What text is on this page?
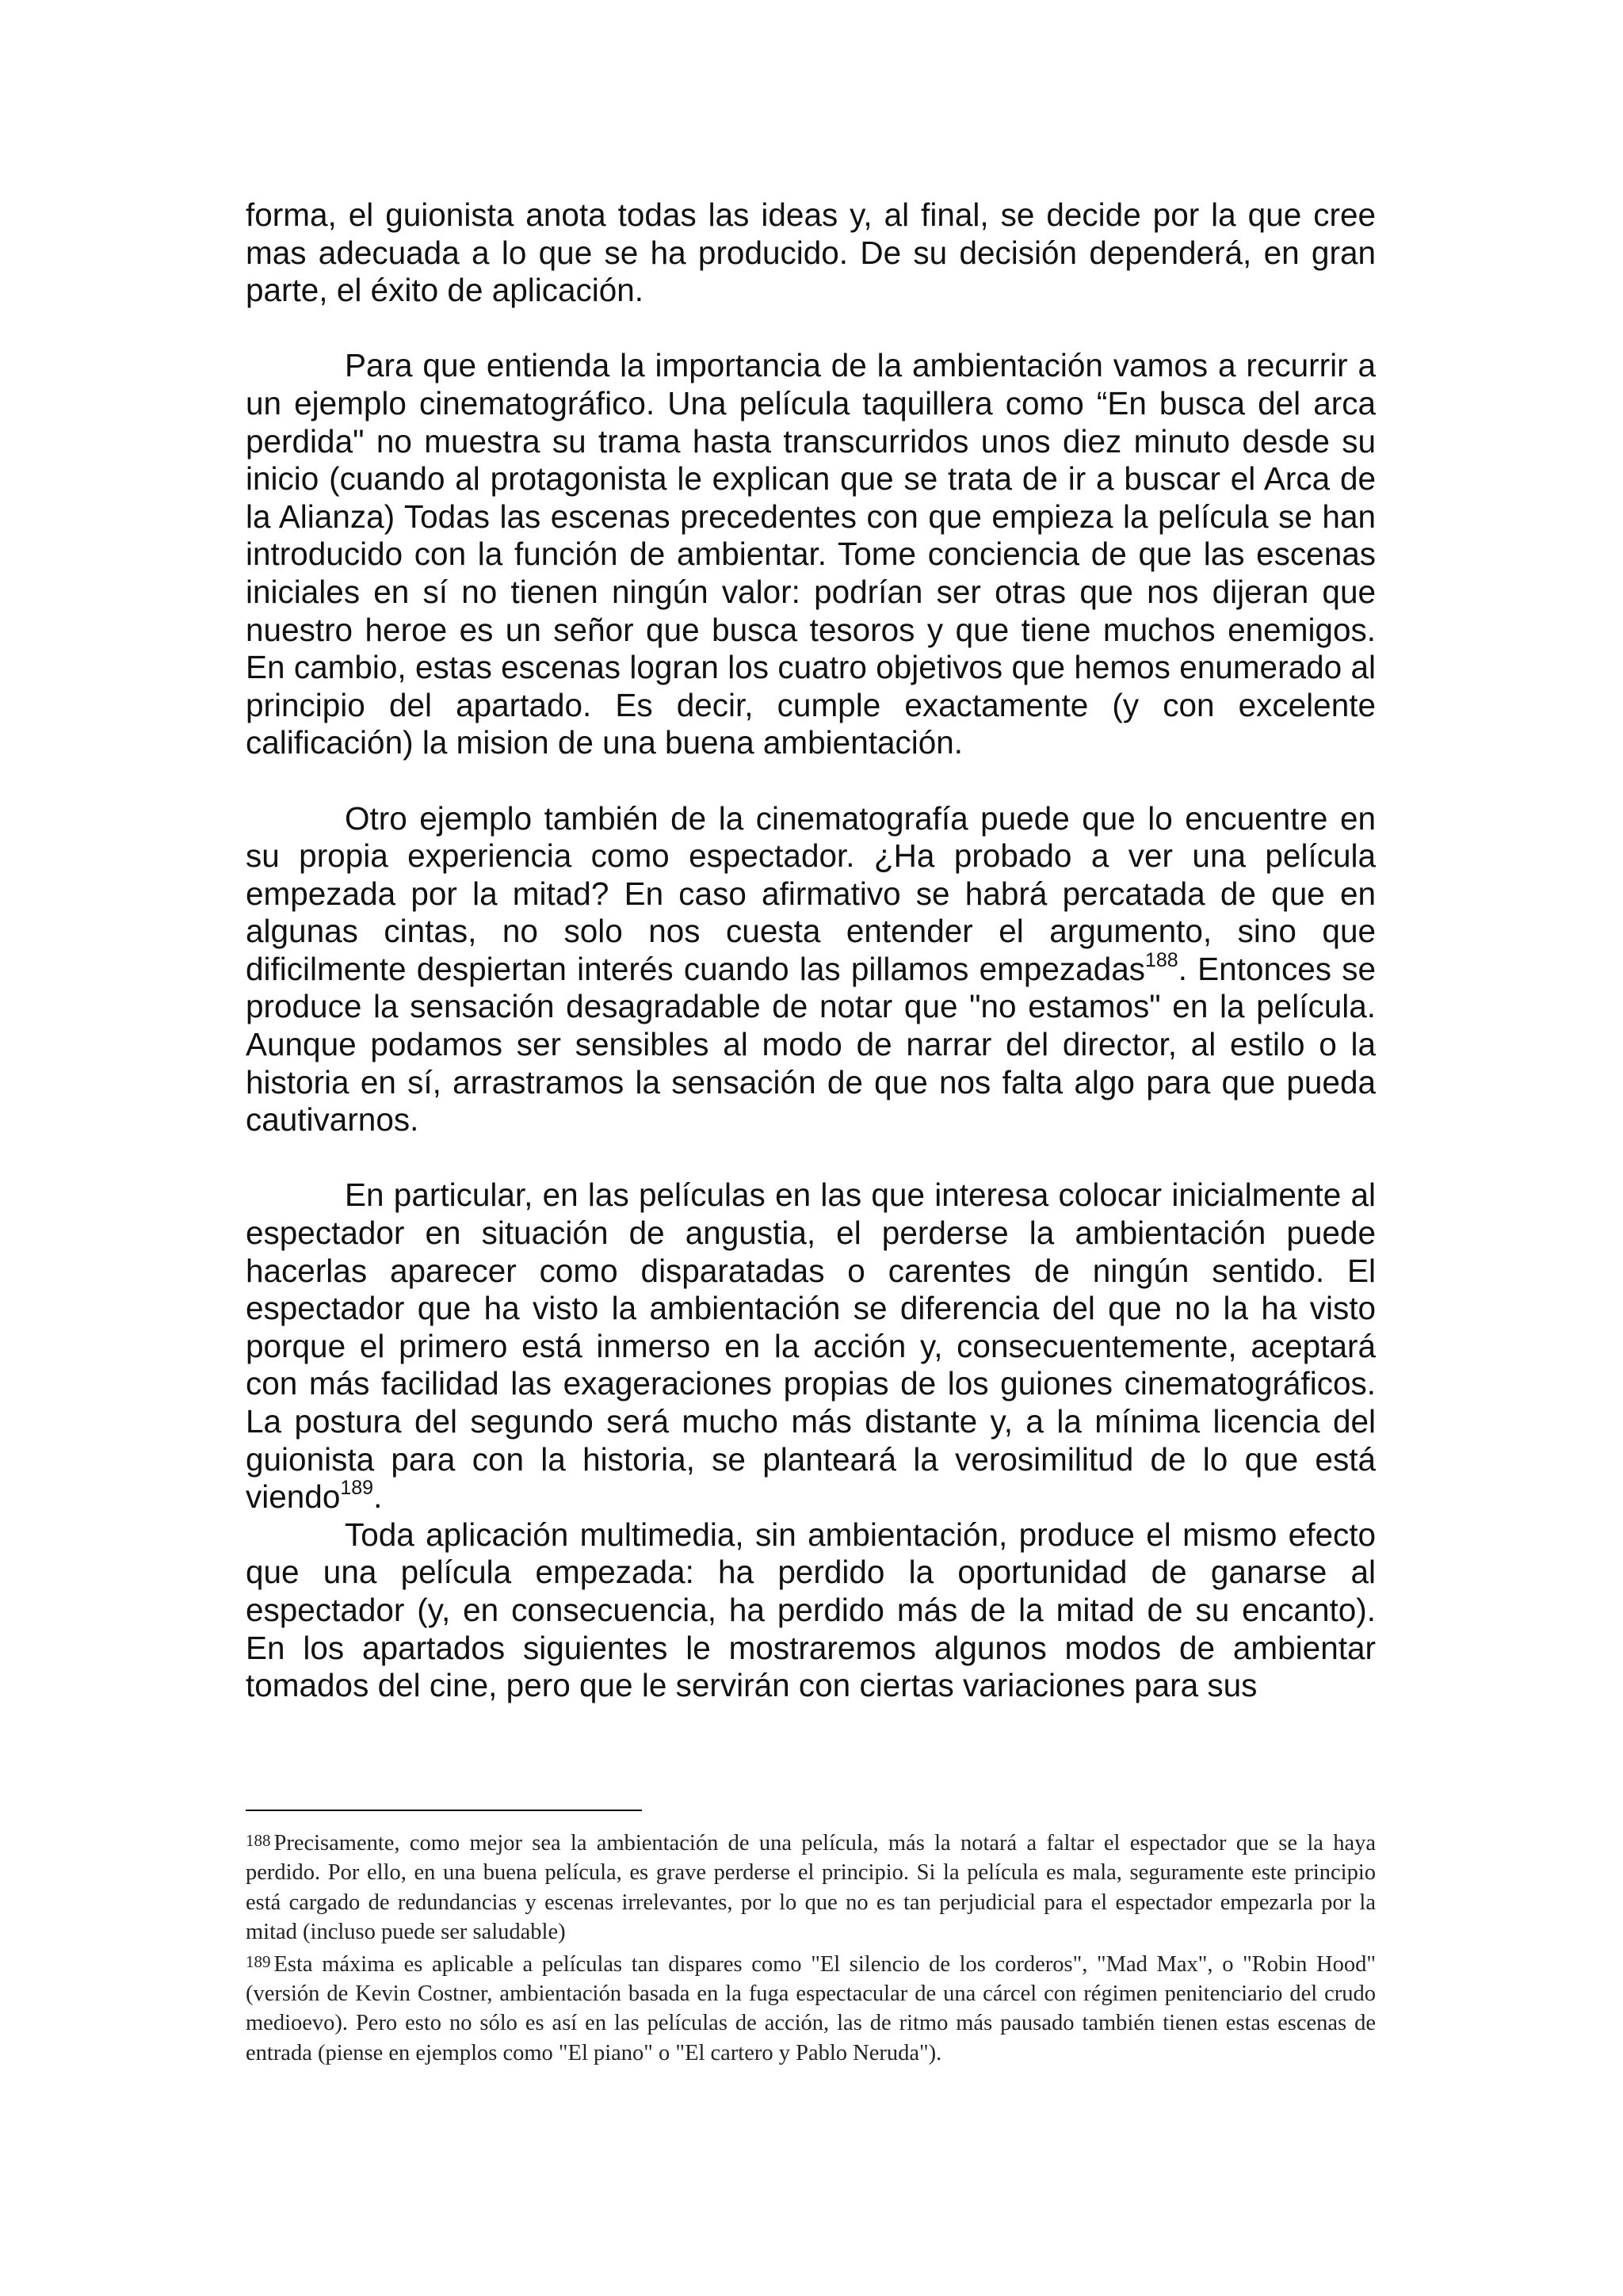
forma, el guionista anota todas las ideas y, al final, se decide por la que cree mas adecuada a lo que se ha producido. De su decisión dependerá, en gran parte, el éxito de aplicación.

Para que entienda la importancia de la ambientación vamos a recurrir a un ejemplo cinematográfico. Una película taquillera como “En busca del arca perdida" no muestra su trama hasta transcurridos unos diez minuto desde su inicio (cuando al protagonista le explican que se trata de ir a buscar el Arca de la Alianza) Todas las escenas precedentes con que empieza la película se han introducido con la función de ambientar. Tome conciencia de que las escenas iniciales en sí no tienen ningún valor: podrían ser otras que nos dijeran que nuestro heroe es un señor que busca tesoros y que tiene muchos enemigos. En cambio, estas escenas logran los cuatro objetivos que hemos enumerado al principio del apartado. Es decir, cumple exactamente (y con excelente calificación) la mision de una buena ambientación.

Otro ejemplo también de la cinematografía puede que lo encuentre en su propia experiencia como espectador. ¿Ha probado a ver una película empezada por la mitad? En caso afirmativo se habrá percatada de que en algunas cintas, no solo nos cuesta entender el argumento, sino que dificilmente despiertan interés cuando las pillamos empezadas$^{188}$. Entonces se produce la sensación desagradable de notar que "no estamos" en la película. Aunque podamos ser sensibles al modo de narrar del director, al estilo o la historia en sí, arrastramos la sensación de que nos falta algo para que pueda cautivarnos.

En particular, en las películas en las que interesa colocar inicialmente al espectador en situación de angustia, el perderse la ambientación puede hacerlas aparecer como disparatadas o carentes de ningún sentido. El espectador que ha visto la ambientación se diferencia del que no la ha visto porque el primero está inmerso en la acción y, consecuentemente, aceptará con más facilidad las exageraciones propias de los guiones cinematográficos. La postura del segundo será mucho más distante y, a la mínima licencia del guionista para con la historia, se planteará la verosimilitud de lo que está viendo$^{189}$.

Toda aplicación multimedia, sin ambientación, produce el mismo efecto que una película empezada: ha perdido la oportunidad de ganarse al espectador (y, en consecuencia, ha perdido más de la mitad de su encanto). En los apartados siguientes le mostraremos algunos modos de ambientar tomados del cine, pero que le servirán con ciertas variaciones para sus

188 Precisamente, como mejor sea la ambientación de una película, más la notará a faltar el espectador que se la haya perdido. Por ello, en una buena película, es grave perderse el principio. Si la película es mala, seguramente este principio está cargado de redundancias y escenas irrelevantes, por lo que no es tan perjudicial para el espectador empezarla por la mitad (incluso puede ser saludable)

189 Esta máxima es aplicable a películas tan dispares como "El silencio de los corderos", "Mad Max", o "Robin Hood" (versión de Kevin Costner, ambientación basada en la fuga espectacular de una cárcel con régimen penitenciario del crudo medioevo). Pero esto no sólo es así en las películas de acción, las de ritmo más pausado también tienen estas escenas de entrada (piense en ejemplos como "El piano" o "El cartero y Pablo Neruda").
